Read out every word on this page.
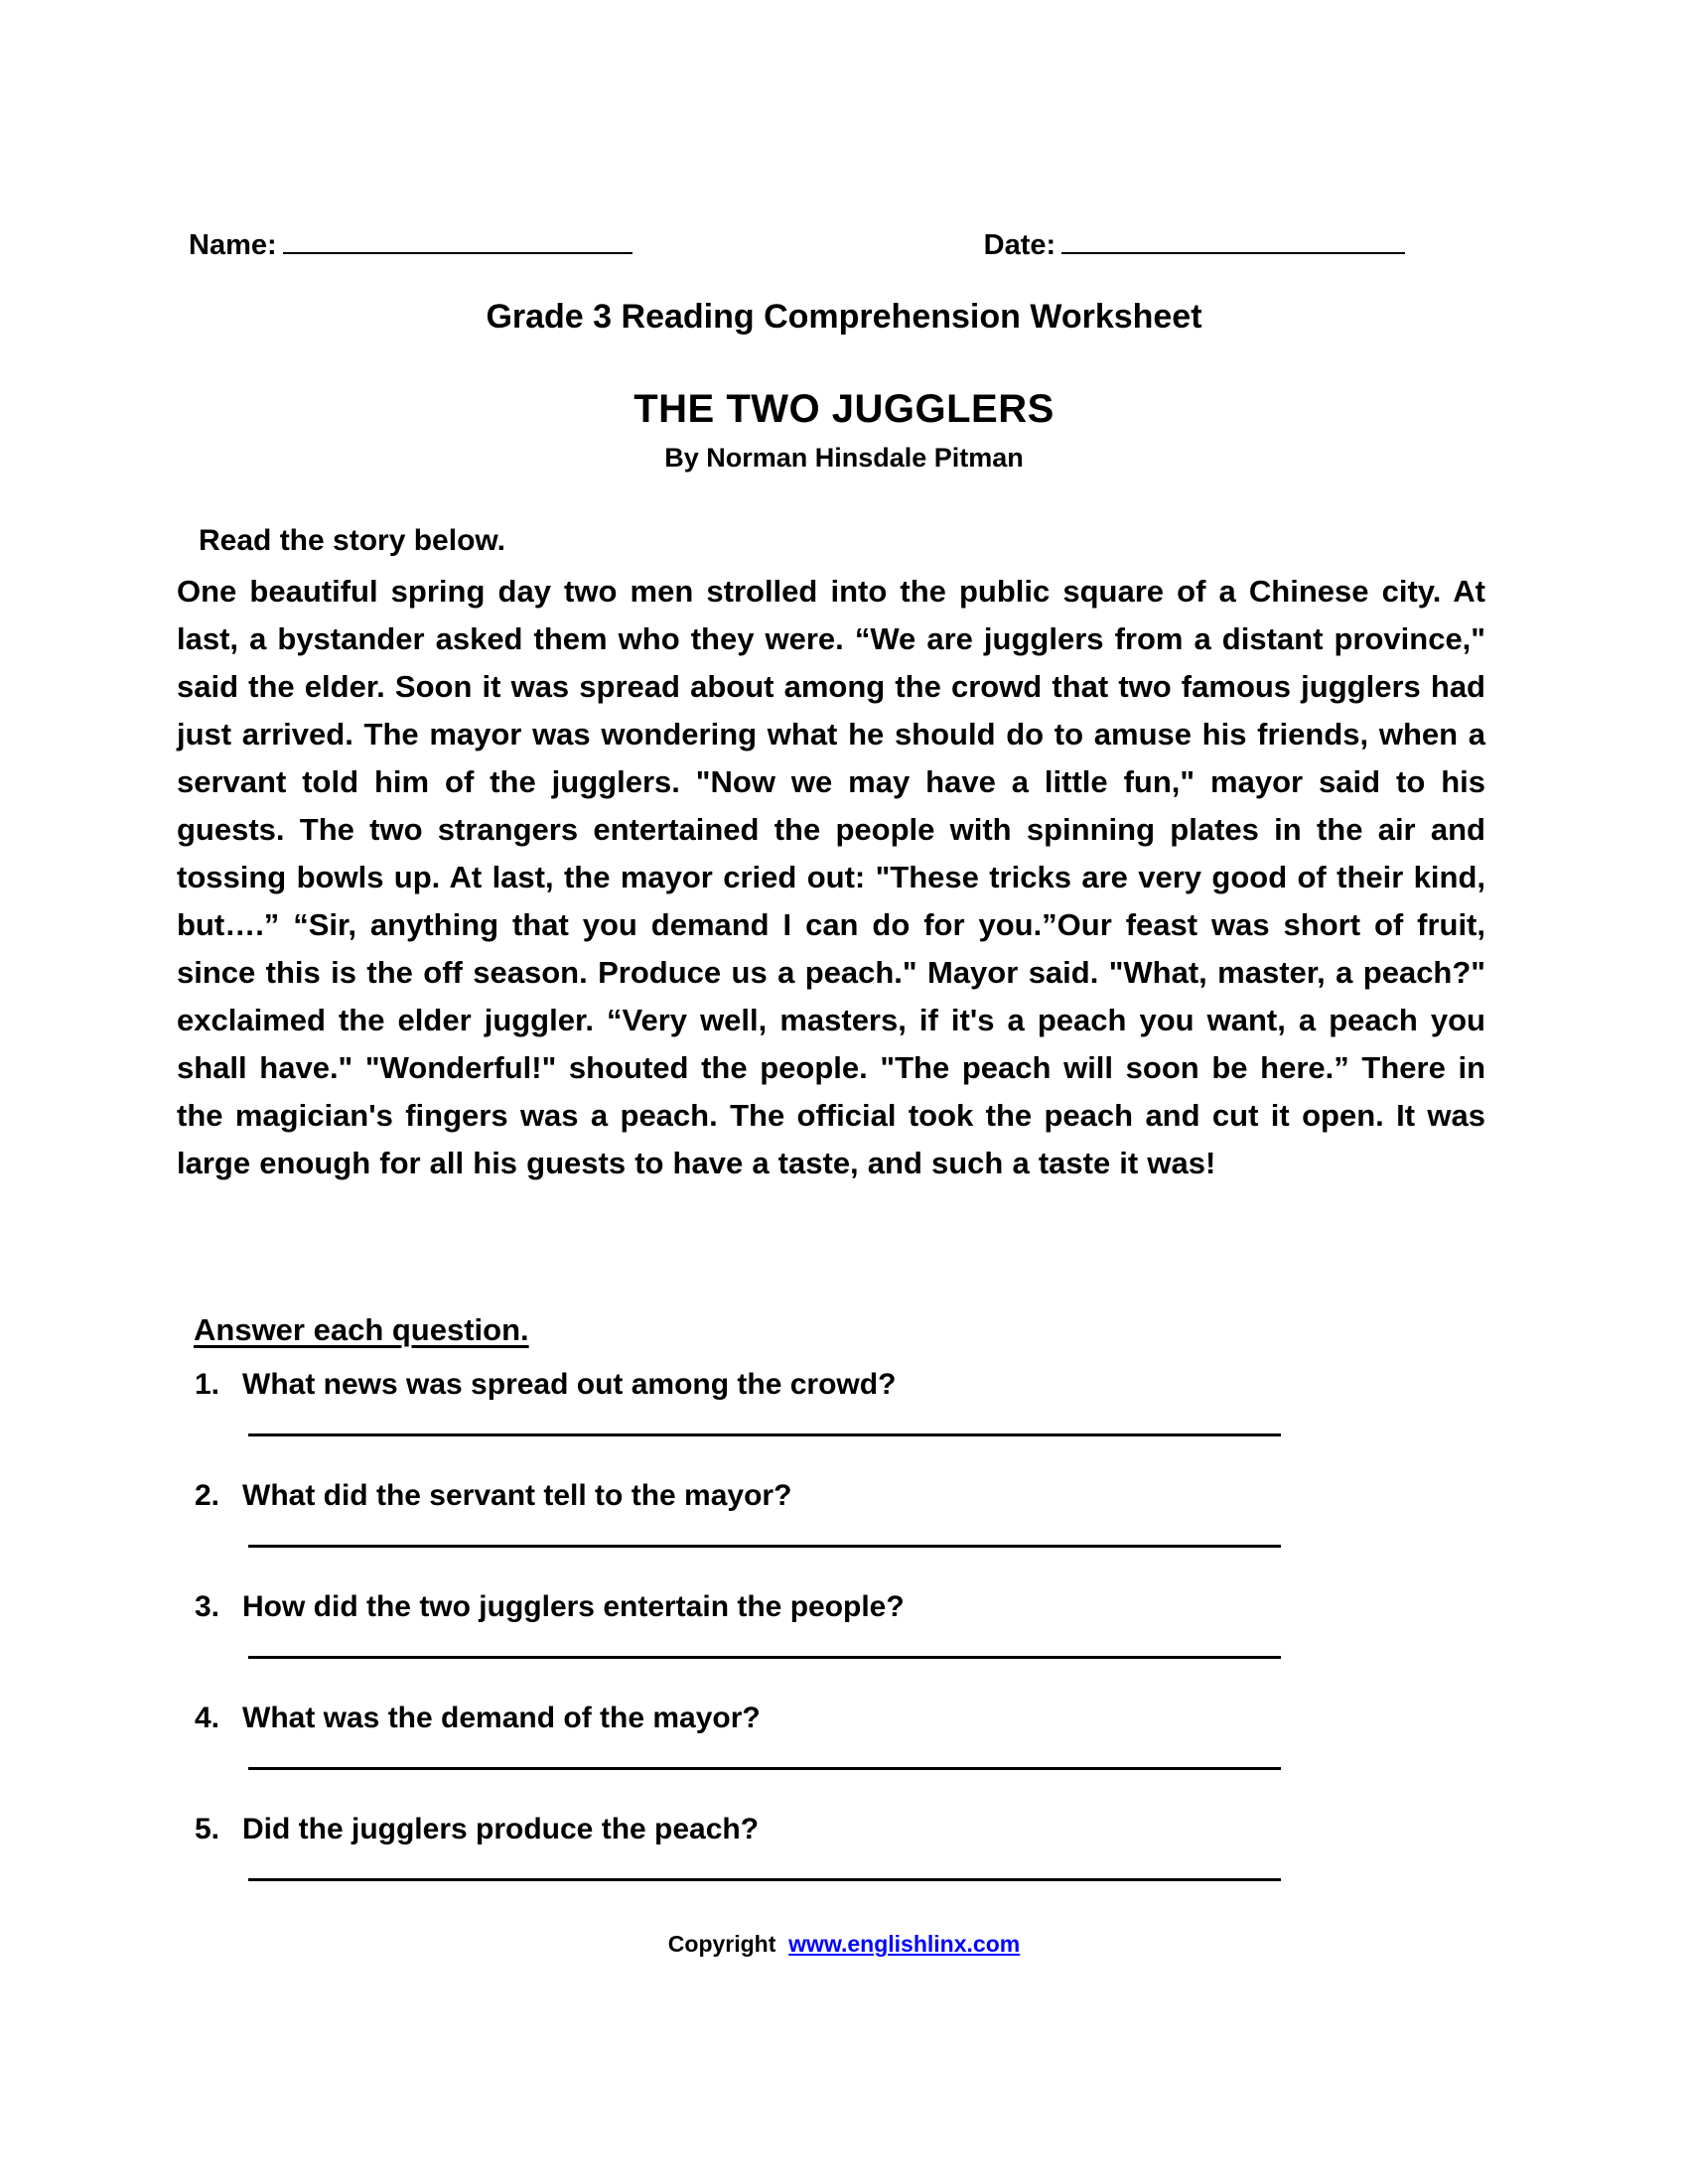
Name:	Date:
Grade 3 Reading Comprehension Worksheet
THE TWO JUGGLERS
By Norman Hinsdale Pitman
Read the story below.
One beautiful spring day two men strolled into the public square of a Chinese city. At last, a bystander asked them who they were. “We are jugglers from a distant province," said the elder. Soon it was spread about among the crowd that two famous jugglers had just arrived. The mayor was wondering what he should do to amuse his friends, when a servant told him of the jugglers. "Now we may have a little fun," mayor said to his guests. The two strangers entertained the people with spinning plates in the air and tossing bowls up. At last, the mayor cried out: "These tricks are very good of their kind, but….” “Sir, anything that you demand I can do for you.”Our feast was short of fruit, since this is the off season. Produce us a peach." Mayor said. "What, master, a peach?" exclaimed the elder juggler. “Very well, masters, if it's a peach you want, a peach you shall have." "Wonderful!" shouted the people. "The peach will soon be here.” There in the magician's fingers was a peach. The official took the peach and cut it open. It was large enough for all his guests to have a taste, and such a taste it was!
Answer each question.
1. What news was spread out among the crowd?
2. What did the servant tell to the mayor?
3. How did the two jugglers entertain the people?
4. What was the demand of the mayor?
5. Did the jugglers produce the peach?
Copyright www.englishlinx.com
